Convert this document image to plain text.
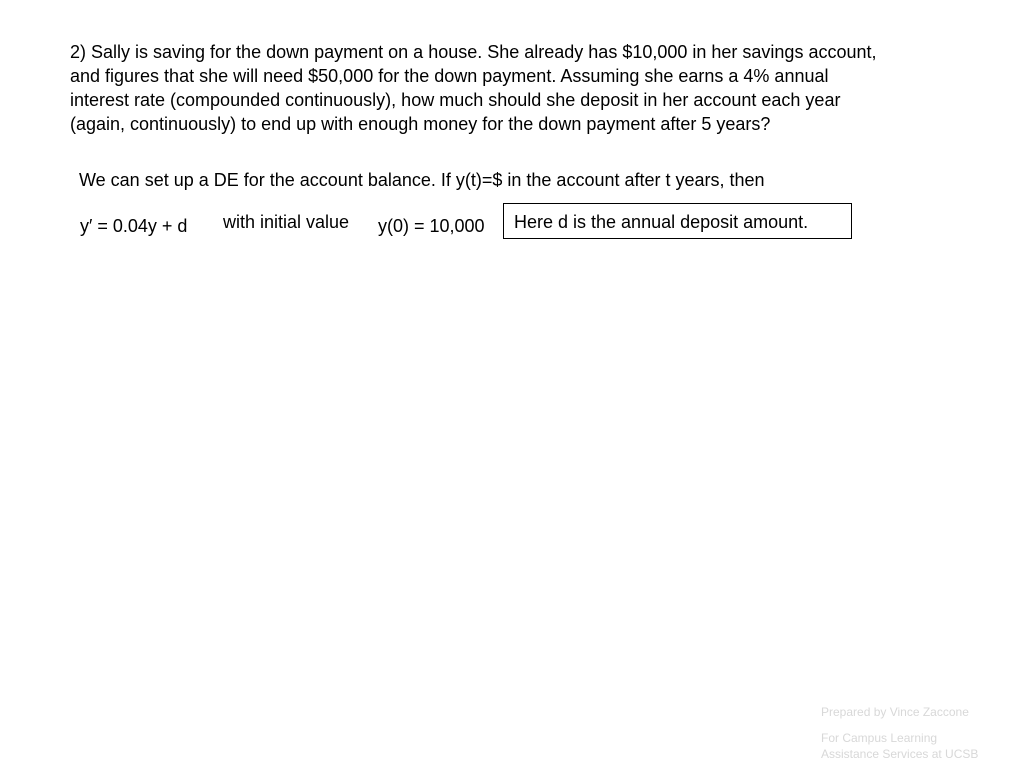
2) Sally is saving for the down payment on a house. She already has $10,000 in her savings account,
and figures that she will need $50,000 for the down payment. Assuming she earns a 4% annual
interest rate (compounded continuously), how much should she deposit in her account each year
(again, continuously) to end up with enough money for the down payment after 5 years?
We can set up a DE for the account balance. If y(t)=$ in the account after t years, then
y′ = 0.04y + d with initial value y(0) = 10,000	Here d is the annual deposit amount.
Prepared by Vince Zaccone
For Campus Learning
Assistance Services at UCSB
